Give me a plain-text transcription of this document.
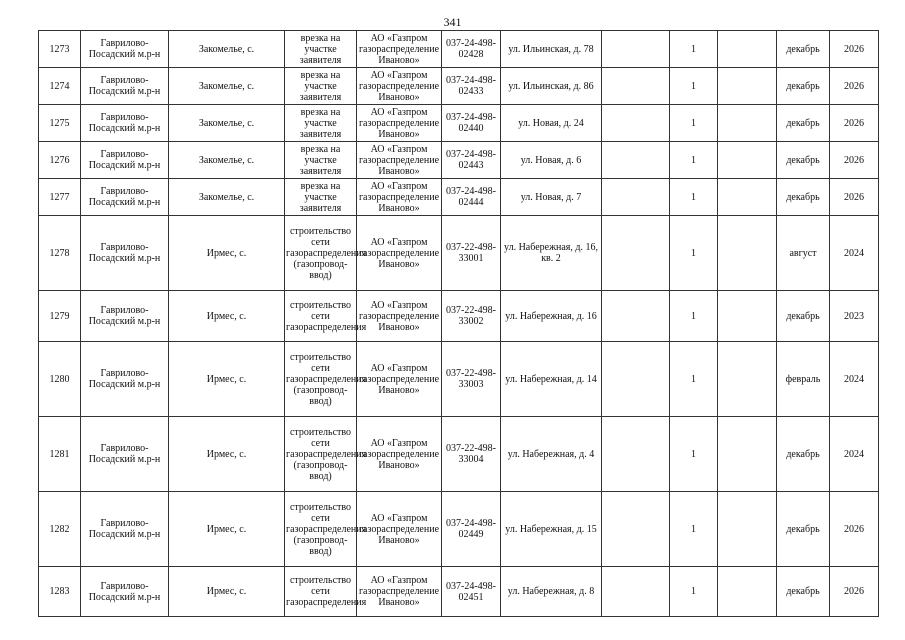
341
1273	Гаврилово-Посадский м.р-н	Закомелье, с.	врезка на участке заявителя	АО «Газпром газораспределение Иваново»	037-24-498-02428	ул. Ильинская, д. 78		1		декабрь	2026
1274	Гаврилово-Посадский м.р-н	Закомелье, с.	врезка на участке заявителя	АО «Газпром газораспределение Иваново»	037-24-498-02433	ул. Ильинская, д. 86		1		декабрь	2026
1275	Гаврилово-Посадский м.р-н	Закомелье, с.	врезка на участке заявителя	АО «Газпром газораспределение Иваново»	037-24-498-02440	ул. Новая, д. 24		1		декабрь	2026
1276	Гаврилово-Посадский м.р-н	Закомелье, с.	врезка на участке заявителя	АО «Газпром газораспределение Иваново»	037-24-498-02443	ул. Новая, д. 6		1		декабрь	2026
1277	Гаврилово-Посадский м.р-н	Закомелье, с.	врезка на участке заявителя	АО «Газпром газораспределение Иваново»	037-24-498-02444	ул. Новая, д. 7		1		декабрь	2026
1278	Гаврилово-Посадский м.р-н	Ирмес, с.	строительство сети газораспределения (газопровод-ввод)	АО «Газпром газораспределение Иваново»	037-22-498-33001	ул. Набережная, д. 16, кв. 2		1		август	2024
1279	Гаврилово-Посадский м.р-н	Ирмес, с.	строительство сети газораспределения	АО «Газпром газораспределение Иваново»	037-22-498-33002	ул. Набережная, д. 16		1		декабрь	2023
1280	Гаврилово-Посадский м.р-н	Ирмес, с.	строительство сети газораспределения (газопровод-ввод)	АО «Газпром газораспределение Иваново»	037-22-498-33003	ул. Набережная, д. 14		1		февраль	2024
1281	Гаврилово-Посадский м.р-н	Ирмес, с.	строительство сети газораспределения (газопровод-ввод)	АО «Газпром газораспределение Иваново»	037-22-498-33004	ул. Набережная, д. 4		1		декабрь	2024
1282	Гаврилово-Посадский м.р-н	Ирмес, с.	строительство сети газораспределения (газопровод-ввод)	АО «Газпром газораспределение Иваново»	037-24-498-02449	ул. Набережная, д. 15		1		декабрь	2026
1283	Гаврилово-Посадский м.р-н	Ирмес, с.	строительство сети газораспределения	АО «Газпром газораспределение Иваново»	037-24-498-02451	ул. Набережная, д. 8		1		декабрь	2026
